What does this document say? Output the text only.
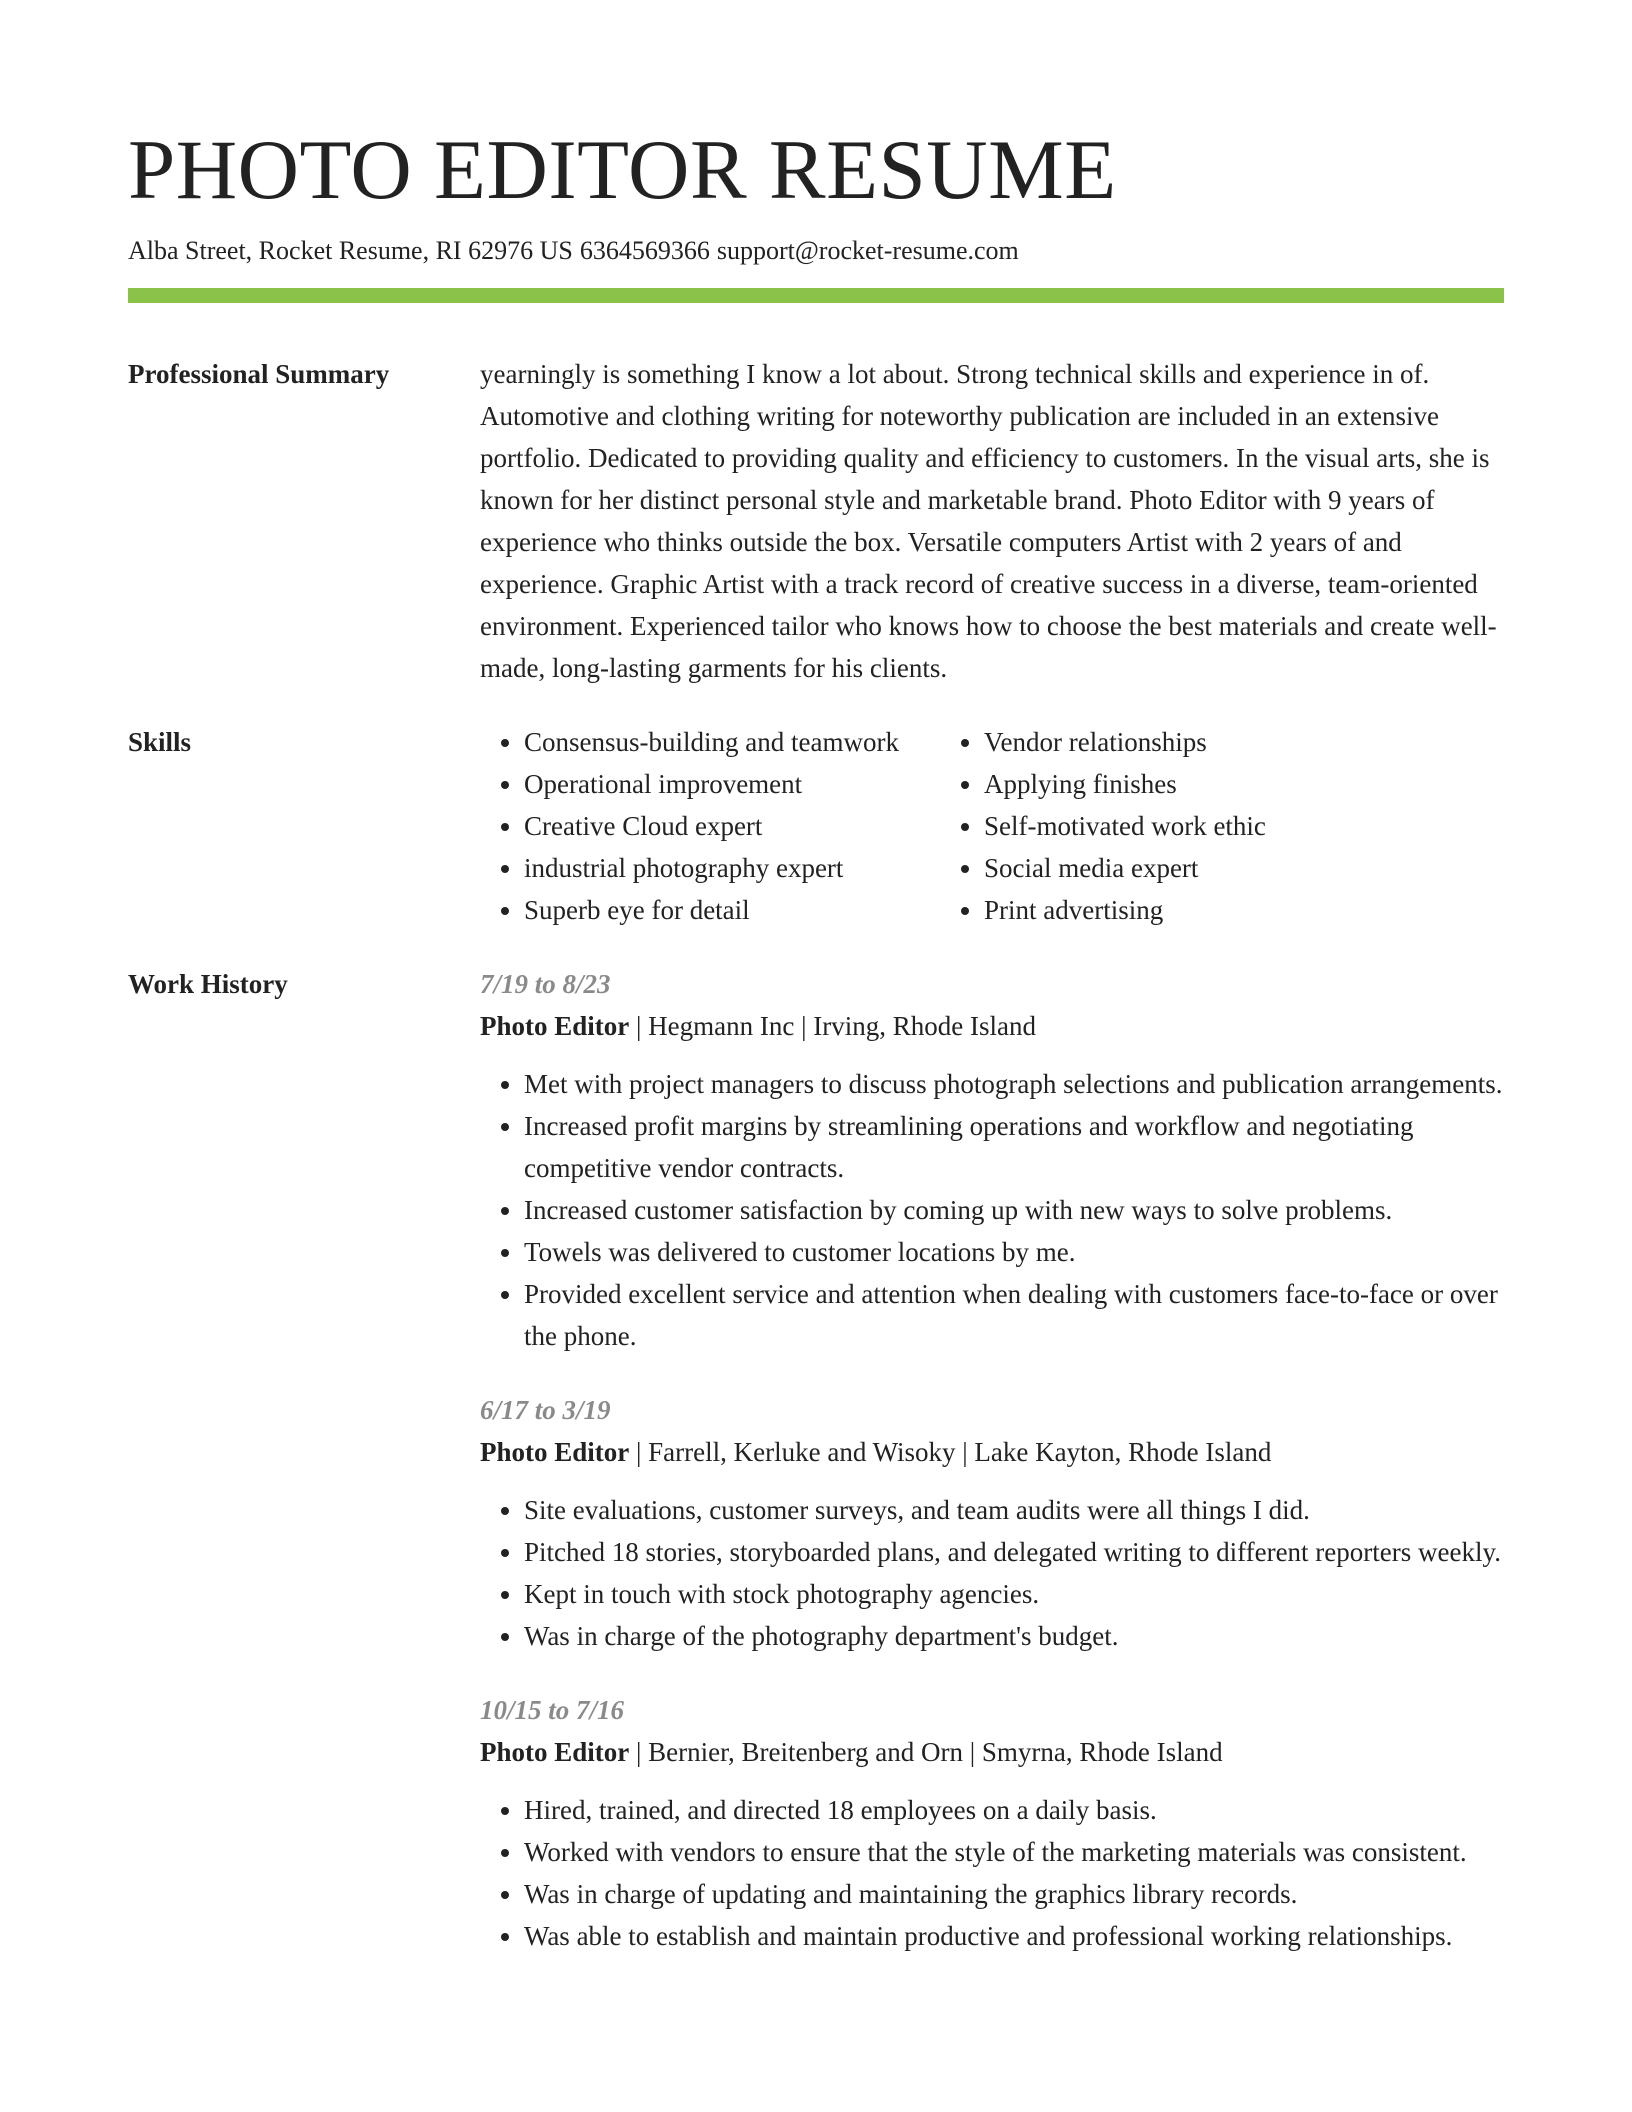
PHOTO EDITOR RESUME
Alba Street, Rocket Resume, RI 62976 US 6364569366 support@rocket-resume.com
Professional Summary	yearningly is something I know a lot about. Strong technical skills and experience in of. Automotive and clothing writing for noteworthy publication are included in an extensive portfolio. Dedicated to providing quality and efficiency to customers. In the visual arts, she is known for her distinct personal style and marketable brand. Photo Editor with 9 years of experience who thinks outside the box. Versatile computers Artist with 2 years of and experience. Graphic Artist with a track record of creative success in a diverse, team-oriented environment. Experienced tailor who knows how to choose the best materials and create well-made, long-lasting garments for his clients.

Skills
•	Consensus-building and teamwork
• Operational improvement
• Creative Cloud expert
• industrial photography expert
• Superb eye for detail
• Vendor relationships
• Applying finishes
• Self-motivated work ethic
• Social media expert
• Print advertising
Work History	7/19 to 8/23
Photo Editor | Hegmann Inc | Irving, Rhode Island
• Met with project managers to discuss photograph selections and publication arrangements.
• Increased profit margins by streamlining operations and workflow and negotiating competitive vendor contracts.
• Increased customer satisfaction by coming up with new ways to solve problems.
• Towels was delivered to customer locations by me.
• Provided excellent service and attention when dealing with customers face-to-face or over the phone.
6/17 to 3/19
Photo Editor | Farrell, Kerluke and Wisoky | Lake Kayton, Rhode Island
• Site evaluations, customer surveys, and team audits were all things I did.
• Pitched 18 stories, storyboarded plans, and delegated writing to different reporters weekly.
• Kept in touch with stock photography agencies.
• Was in charge of the photography department's budget.
10/15 to 7/16
Photo Editor | Bernier, Breitenberg and Orn | Smyrna, Rhode Island
• Hired, trained, and directed 18 employees on a daily basis.
• Worked with vendors to ensure that the style of the marketing materials was consistent.
• Was in charge of updating and maintaining the graphics library records.
• Was able to establish and maintain productive and professional working relationships.
